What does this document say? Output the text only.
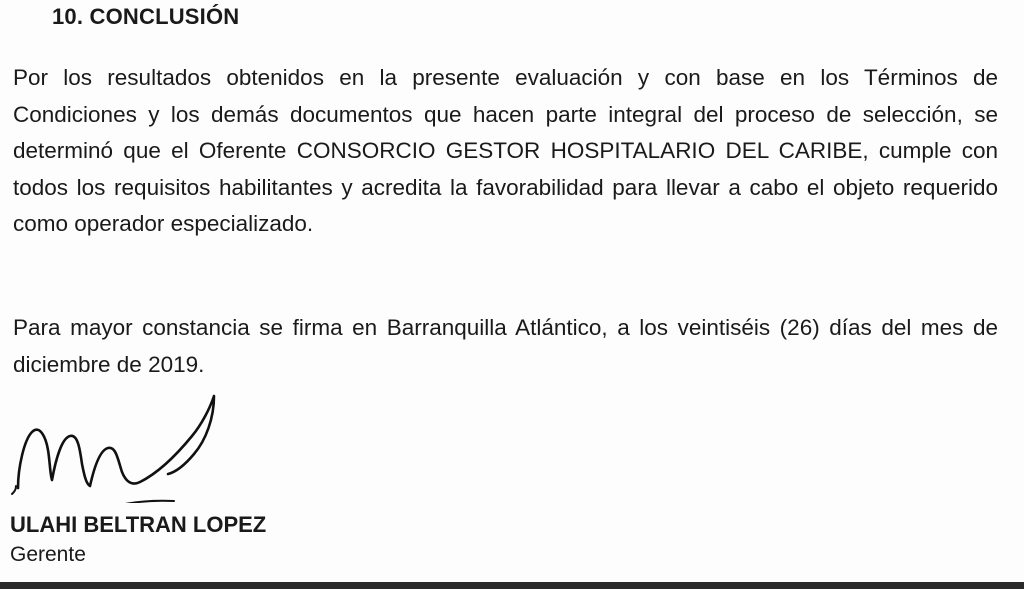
10. CONCLUSIÓN

Por los resultados obtenidos en la presente evaluación y con base en los Términos de Condiciones y los demás documentos que hacen parte integral del proceso de selección, se determinó que el Oferente CONSORCIO GESTOR HOSPITALARIO DEL CARIBE, cumple con todos los requisitos habilitantes y acredita la favorabilidad para llevar a cabo el objeto requerido como operador especializado.

Para mayor constancia se firma en Barranquilla Atlántico, a los veintiséis (26) días del mes de diciembre de 2019.

ULAHI BELTRAN LOPEZ
Gerente
